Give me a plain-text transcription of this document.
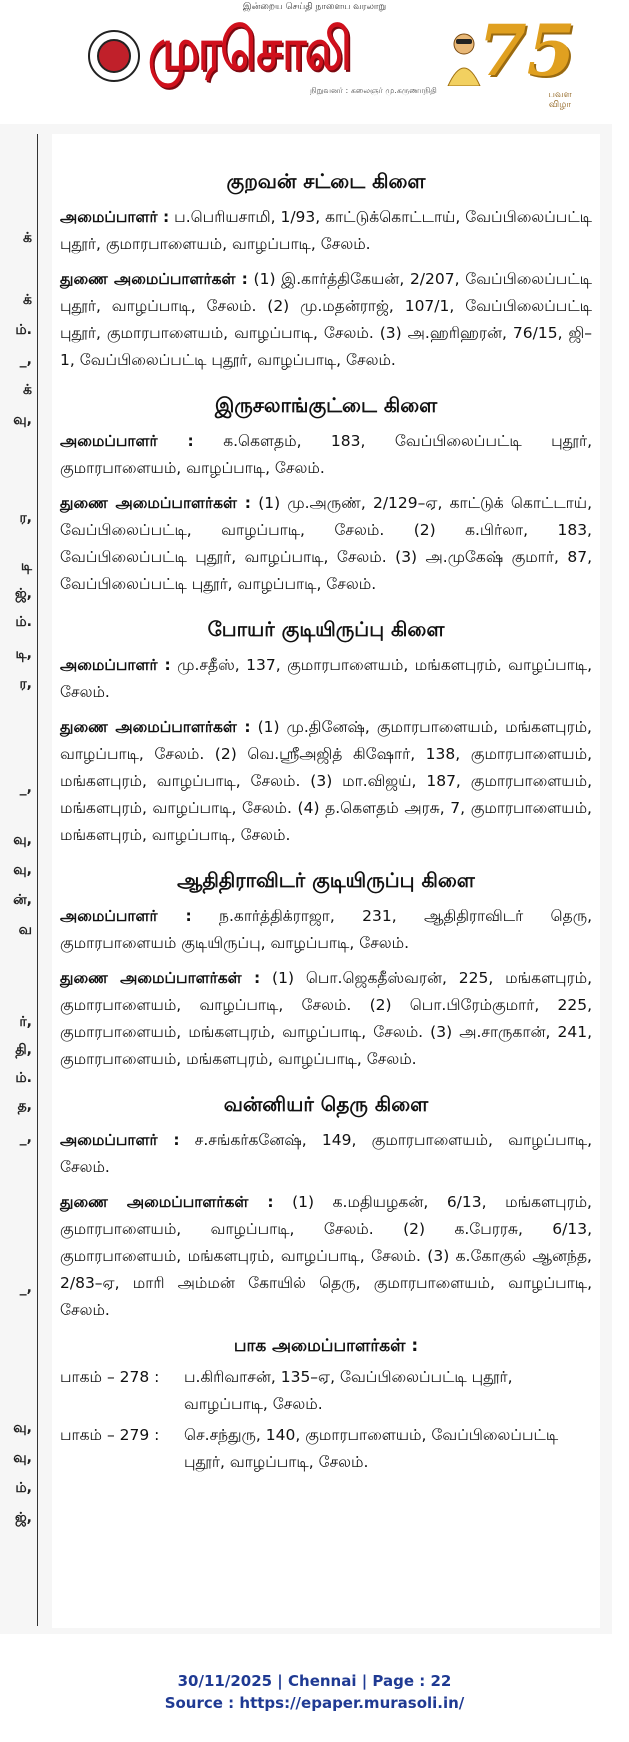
இன்றைய செய்தி நாளைய வரலாறு
முரசொலி
நிறுவனர் : கலைஞர் மு.கருணாநிதி 75
பவள விழா
க்
க்
ம்.
_,
க்
வு,
ர,
டி
ஜ்,
ம்.
டி,
ர,
_,
வு,
வு,
ன்,
வ
ர்,
தி,
ம்.
த,
_,
_,
வு,
வு,
ம்,
ஜ்,
குறவன் சட்டை கிளை

அமைப்பாளர் : ப.பெரியசாமி, 1/93, காட்டுக்கொட்டாய், வேப்பிலைப்பட்டி புதூர், குமாரபாளையம், வாழப்பாடி, சேலம்.

துணை அமைப்பாளர்கள் : (1) இ.கார்த்திகேயன், 2/207, வேப்பிலைப்பட்டி புதூர், வாழப்பாடி, சேலம். (2) மு.மதன்ராஜ், 107/1, வேப்பிலைப்பட்டி புதூர், குமாரபாளையம், வாழப்பாடி, சேலம். (3) அ.ஹரிஹரன், 76/15, ஜி–1, வேப்பிலைப்பட்டி புதூர், வாழப்பாடி, சேலம்.

இருசலாங்குட்டை கிளை

அமைப்பாளர் : க.கௌதம், 183, வேப்பிலைப்பட்டி புதூர், குமாரபாளையம், வாழப்பாடி, சேலம்.

துணை அமைப்பாளர்கள் : (1) மு.அருண், 2/129–ஏ, காட்டுக் கொட்டாய், வேப்பிலைப்பட்டி, வாழப்பாடி, சேலம். (2) க.பிர்லா, 183, வேப்பிலைப்பட்டி புதூர், வாழப்பாடி, சேலம். (3) அ.முகேஷ் குமார், 87, வேப்பிலைப்பட்டி புதூர், வாழப்பாடி, சேலம்.

போயர் குடியிருப்பு கிளை

அமைப்பாளர் : மு.சதீஸ், 137, குமாரபாளையம், மங்களபுரம், வாழப்பாடி, சேலம்.

துணை அமைப்பாளர்கள் : (1) மு.தினேஷ், குமாரபாளையம், மங்களபுரம், வாழப்பாடி, சேலம். (2) வெ.ஸ்ரீஅஜித் கிஷோர், 138, குமாரபாளையம், மங்களபுரம், வாழப்பாடி, சேலம். (3) மா.விஜய், 187, குமாரபாளையம், மங்களபுரம், வாழப்பாடி, சேலம். (4) த.கௌதம் அரசு, 7, குமாரபாளையம், மங்களபுரம், வாழப்பாடி, சேலம்.

ஆதிதிராவிடர் குடியிருப்பு கிளை

அமைப்பாளர் : ந.கார்த்திக்ராஜா, 231, ஆதிதிராவிடர் தெரு, குமாரபாளையம் குடியிருப்பு, வாழப்பாடி, சேலம்.

துணை அமைப்பாளர்கள் : (1) பொ.ஜெகதீஸ்வரன், 225, மங்களபுரம், குமாரபாளையம், வாழப்பாடி, சேலம். (2) பொ.பிரேம்குமார், 225, குமாரபாளையம், மங்களபுரம், வாழப்பாடி, சேலம். (3) அ.சாருகான், 241, குமாரபாளையம், மங்களபுரம், வாழப்பாடி, சேலம்.

வன்னியர் தெரு கிளை

அமைப்பாளர் : ச.சங்கர்கனேஷ், 149, குமாரபாளையம், வாழப்பாடி, சேலம்.

துணை அமைப்பாளர்கள் : (1) க.மதியழகன், 6/13, மங்களபுரம், குமாரபாளையம், வாழப்பாடி, சேலம். (2) க.பேரரசு, 6/13, குமாரபாளையம், மங்களபுரம், வாழப்பாடி, சேலம். (3) க.கோகுல் ஆனந்த, 2/83–ஏ, மாரி அம்மன் கோயில் தெரு, குமாரபாளையம், வாழப்பாடி, சேலம்.

பாக அமைப்பாளர்கள் :
பாகம் – 278 :	ப.கிரிவாசன், 135–ஏ, வேப்பிலைப்பட்டி புதூர், வாழப்பாடி, சேலம்.
பாகம் – 279 :	செ.சந்துரு, 140, குமாரபாளையம், வேப்பிலைப்பட்டி புதூர், வாழப்பாடி, சேலம்.
30/11/2025 | Chennai | Page : 22
Source : https://epaper.murasoli.in/
